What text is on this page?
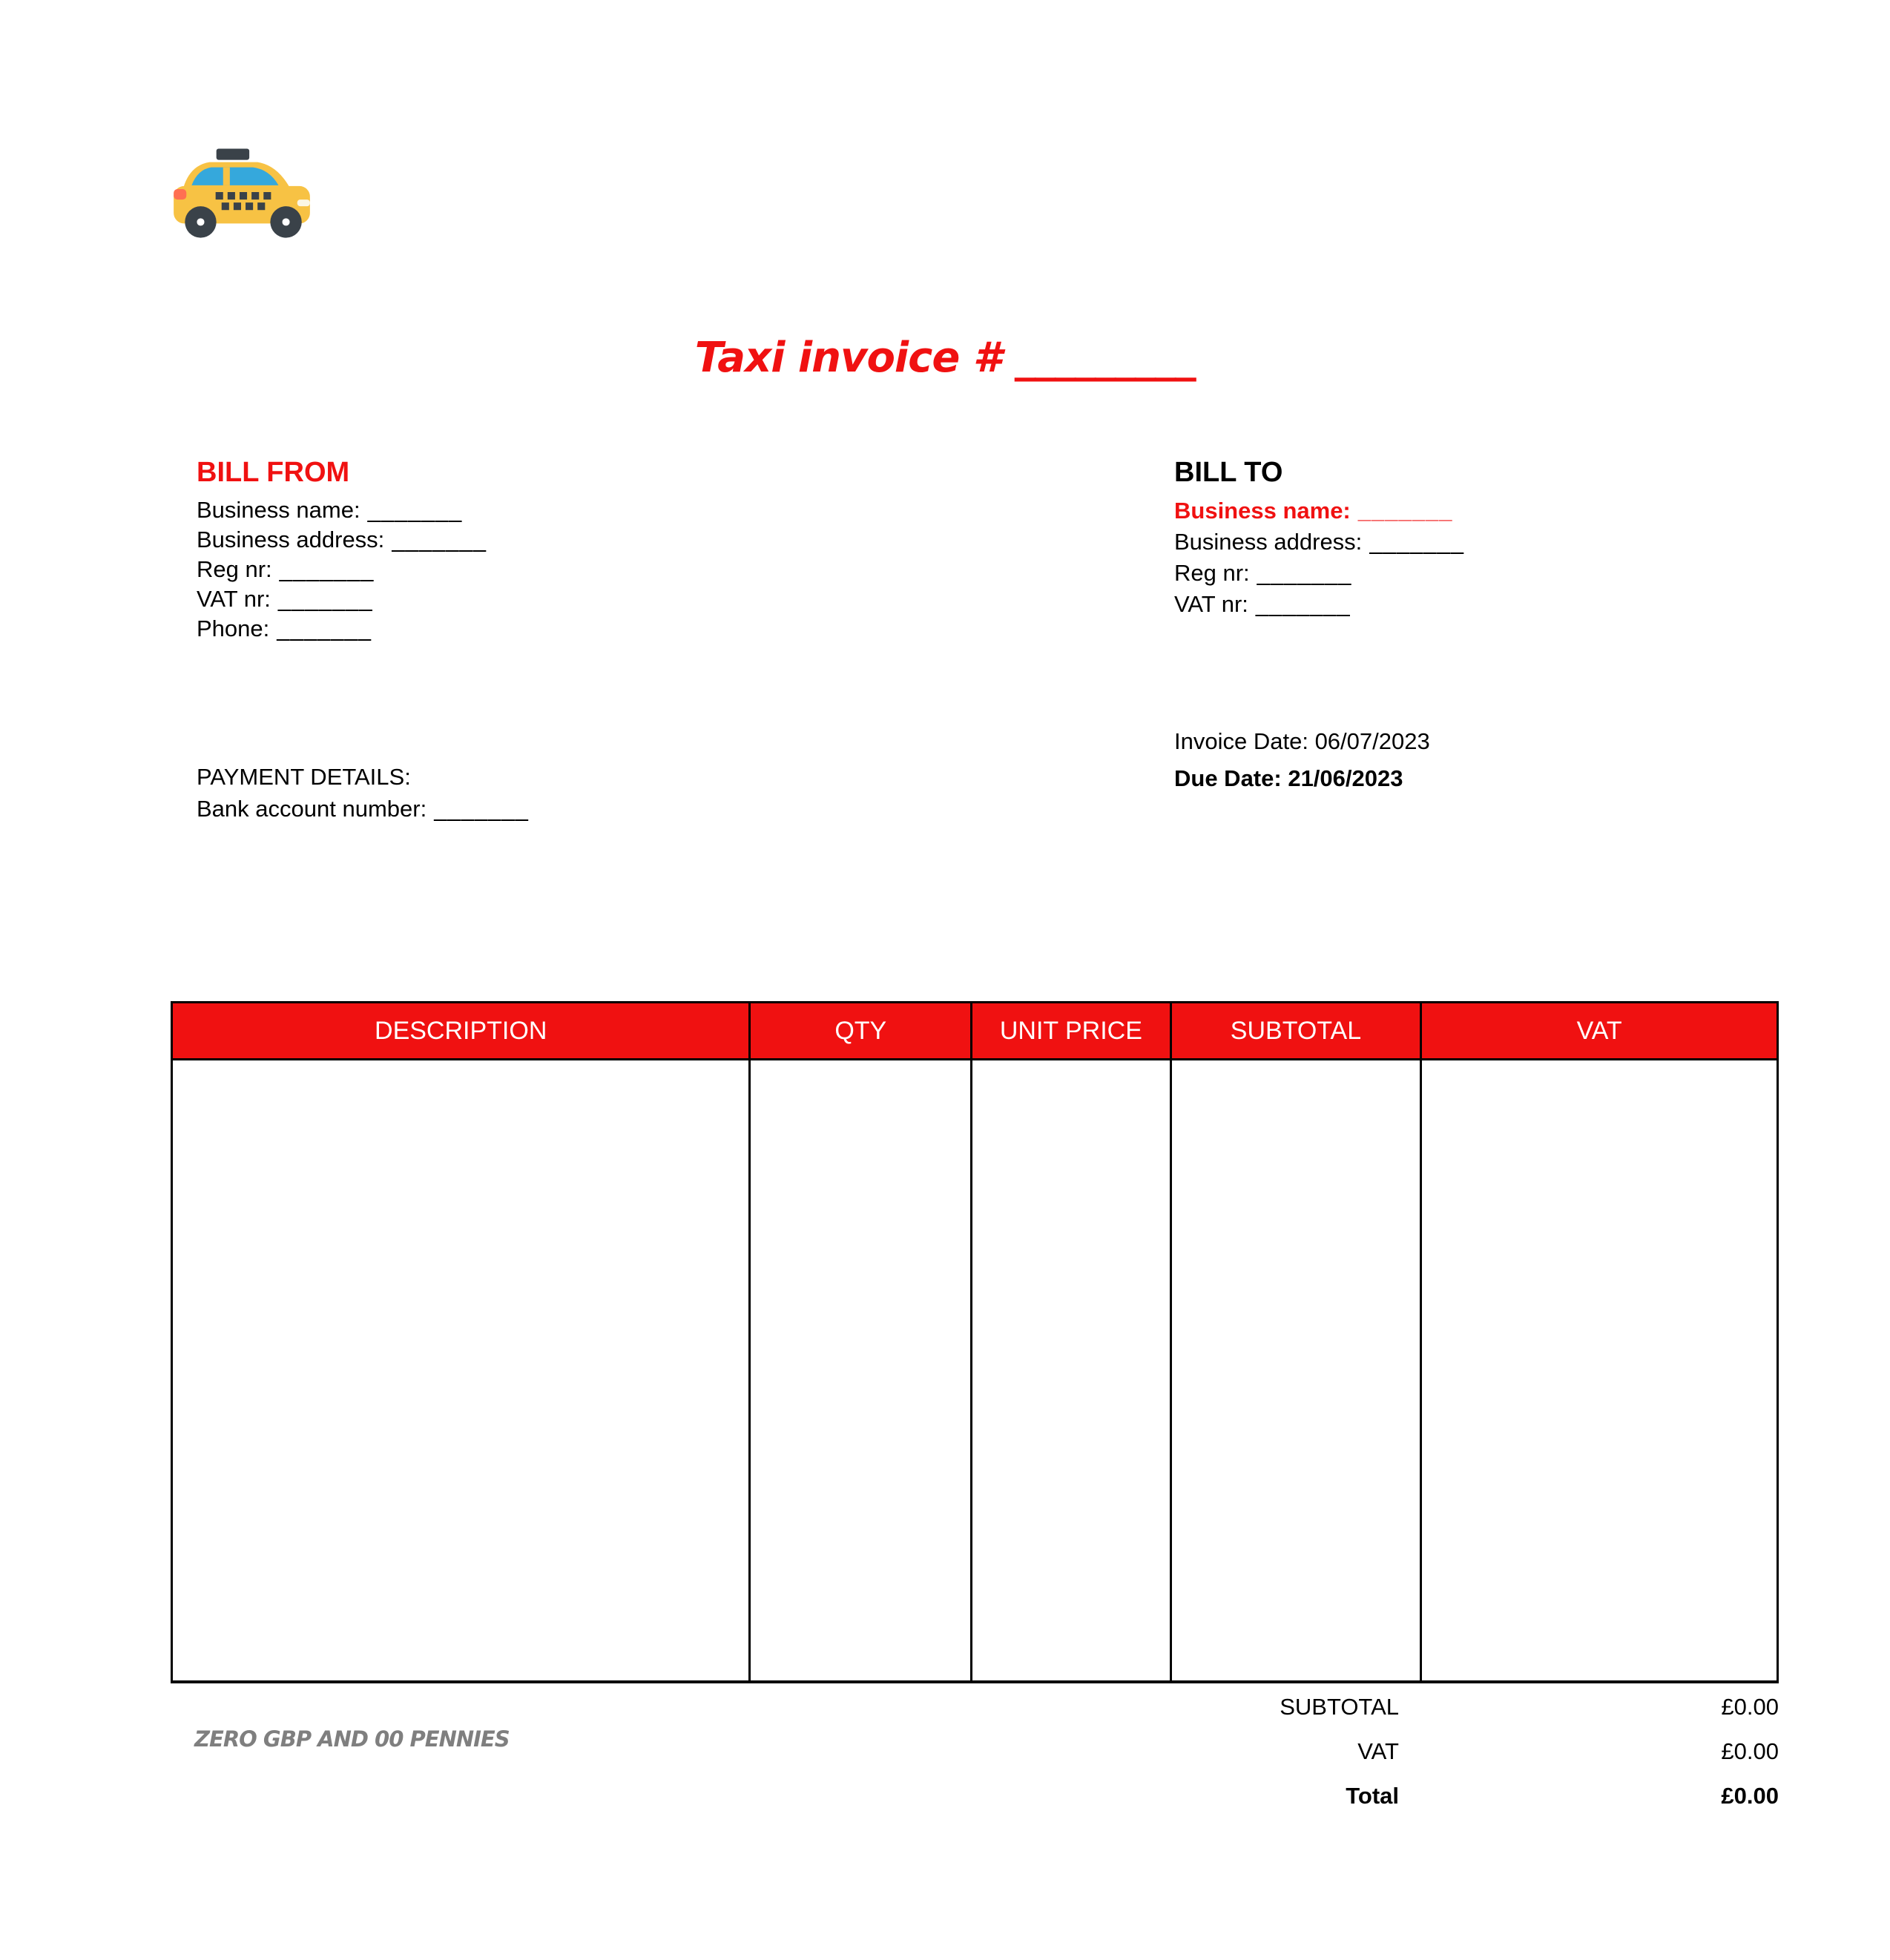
Taxi invoice # _________
BILL FROM
Business name: _______
Business address: _______
Reg nr: _______
VAT nr: _______
Phone: _______
BILL TO
Business name: _______
Business address: _______
Reg nr: _______
VAT nr: _______
Invoice Date: 06/07/2023
Due Date: 21/06/2023
PAYMENT DETAILS:
Bank account number: _______
DESCRIPTION	QTY	UNIT PRICE	SUBTOTAL	VAT

SUBTOTAL	£0.00
VAT	£0.00
Total	£0.00
ZERO GBP AND 00 PENNIES
